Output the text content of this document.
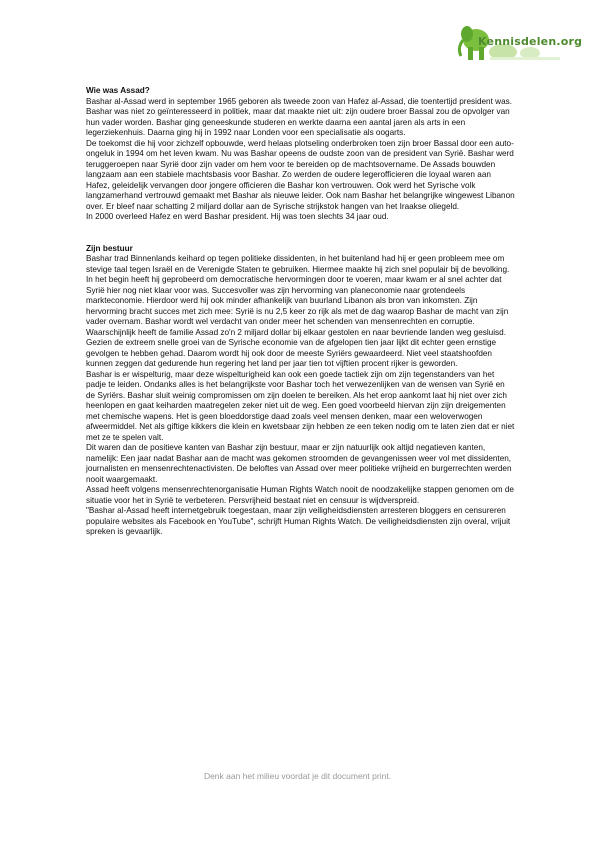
Kennisdelen.org

Wie was Assad?

Bashar al-Assad werd in september 1965 geboren als tweede zoon van Hafez al-Assad, die toentertijd president was. Bashar was niet zo geïnteresseerd in politiek, maar dat maakte niet uit: zijn oudere broer Bassal zou de opvolger van hun vader worden. Bashar ging geneeskunde studeren en werkte daarna een aantal jaren als arts in een legerziekenhuis. Daarna ging hij in 1992 naar Londen voor een specialisatie als oogarts.

De toekomst die hij voor zichzelf opbouwde, werd helaas plotseling onderbroken toen zijn broer Bassal door een auto-ongeluk in 1994 om het leven kwam. Nu was Bashar opeens de oudste zoon van de president van Syrië. Bashar werd teruggeroepen naar Syrië door zijn vader om hem voor te bereiden op de machtsovername. De Assads bouwden langzaam aan een stabiele machtsbasis voor Bashar. Zo werden de oudere legerofficieren die loyaal waren aan Hafez, geleidelijk vervangen door jongere officieren die Bashar kon vertrouwen. Ook werd het Syrische volk langzamerhand vertrouwd gemaakt met Bashar als nieuwe leider. Ook nam Bashar het belangrijke wingewest Libanon over. Er bleef naar schatting 2 miljard dollar aan de Syrische strijkstok hangen van het Iraakse oliegeld.

In 2000 overleed Hafez en werd Bashar president. Hij was toen slechts 34 jaar oud.

Zijn bestuur

Bashar trad Binnenlands keihard op tegen politieke dissidenten, in het buitenland had hij er geen probleem mee om stevige taal tegen Israël en de Verenigde Staten te gebruiken. Hiermee maakte hij zich snel populair bij de bevolking. In het begin heeft hij geprobeerd om democratische hervormingen door te voeren, maar kwam er al snel achter dat Syrië hier nog niet klaar voor was. Succesvoller was zijn hervorming van planeconomie naar grotendeels markteconomie. Hierdoor werd hij ook minder afhankelijk van buurland Libanon als bron van inkomsten. Zijn hervorming bracht succes met zich mee: Syrië is nu 2,5 keer zo rijk als met de dag waarop Bashar de macht van zijn vader overnam. Bashar wordt wel verdacht van onder meer het schenden van mensenrechten en corruptie. Waarschijnlijk heeft de familie Assad zo'n 2 miljard dollar bij elkaar gestolen en naar bevriende landen weg gesluisd. Gezien de extreem snelle groei van de Syrische economie van de afgelopen tien jaar lijkt dit echter geen ernstige gevolgen te hebben gehad. Daarom wordt hij ook door de meeste Syriërs gewaardeerd. Niet veel staatshoofden kunnen zeggen dat gedurende hun regering het land per jaar tien tot vijftien procent rijker is geworden.

Bashar is er wispelturig, maar deze wispelturigheid kan ook een goede tactiek zijn om zijn tegenstanders van het padje te leiden. Ondanks alles is het belangrijkste voor Bashar toch het verwezenlijken van de wensen van Syrië en de Syriërs. Bashar sluit weinig compromissen om zijn doelen te bereiken. Als het erop aankomt laat hij niet over zich heenlopen en gaat keiharden maatregelen zeker niet uit de weg. Een goed voorbeeld hiervan zijn zijn dreigementen met chemische wapens. Het is geen bloeddorstige daad zoals veel mensen denken, maar een weloverwogen afweermiddel. Net als giftige kikkers die klein en kwetsbaar zijn hebben ze een teken nodig om te laten zien dat er niet met ze te spelen valt.

Dit waren dan de positieve kanten van Bashar zijn bestuur, maar er zijn natuurlijk ook altijd negatieven kanten, namelijk: Een jaar nadat Bashar aan de macht was gekomen stroomden de gevangenissen weer vol met dissidenten, journalisten en mensenrechtenactivisten. De beloftes van Assad over meer politieke vrijheid en burgerrechten werden nooit waargemaakt.

Assad heeft volgens mensenrechtenorganisatie Human Rights Watch nooit de noodzakelijke stappen genomen om de situatie voor het in Syrië te verbeteren. Persvrijheid bestaat niet en censuur is wijdverspreid.

"Bashar al-Assad heeft internetgebruik toegestaan, maar zijn veiligheidsdiensten arresteren bloggers en censureren populaire websites als Facebook en YouTube", schrijft Human Rights Watch. De veiligheidsdiensten zijn overal, vrijuit spreken is gevaarlijk.

Denk aan het milieu voordat je dit document print.
